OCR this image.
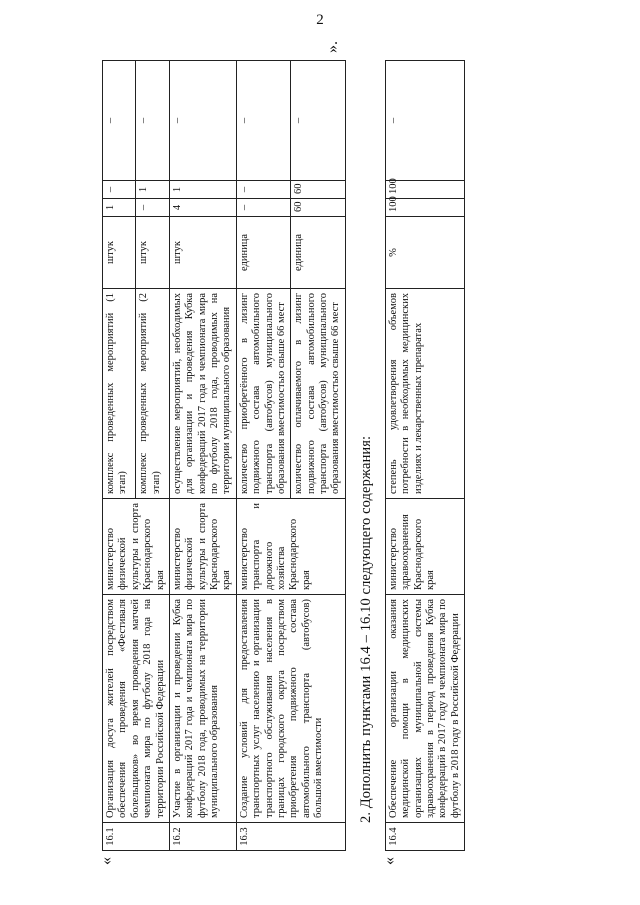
2
«
».
16.1	Организация досуга жителей посредством обеспечения проведения «Фестиваля болельщиков» во время проведения матчей чемпионата мира по футболу 2018 года на территории Российской Федерации	министерство физической культуры и спорта Краснодарского края	комплекс проведенных мероприятий (1 этап)	штук	1	–	–
			комплекс проведенных мероприятий (2 этап)	штук	–	1	–
16.2	Участие в организации и проведении Кубка конфедераций 2017 года и чемпионата мира по футболу 2018 года, проводимых на территории муниципального образования	министерство физической культуры и спорта Краснодарского края	осуществление мероприятий, необходимых для организации и проведения Кубка конфедераций 2017 года и чемпионата мира по футболу 2018 года, проводимых на территории муниципального образования	штук	4	1	–
16.3	Создание условий для предоставления транспортных услуг населению и организации транспортного обслуживания населения в границах городского округа посредством приобретения подвижного состава автомобильного транспорта (автобусов) большой вместимости	министерство транспорта и дорожного хозяйства Краснодарского края	количество приобретённого в лизинг подвижного состава автомобильного транспорта (автобусов) муниципального образования вместимостью свыше 66 мест	единица	–	–	–
			количество оплачиваемого в лизинг подвижного состава автомобильного транспорта (автобусов) муниципального образования вместимостью свыше 66 мест	единица	60	60	–
2. Дополнить пунктами 16.4 – 16.10 следующего содержания:
«
16.4	Обеспечение организации оказания медицинской помощи в медицинских организациях муниципальной системы здравоохранения в период проведения Кубка конфедераций в 2017 году и чемпионата мира по футболу в 2018 году в Российской Федерации	министерство здравоохранения Краснодарского края	степень удовлетворения объемов потребности в необходимых медицинских изделиях и лекарственных препаратах	%	100	100	–
